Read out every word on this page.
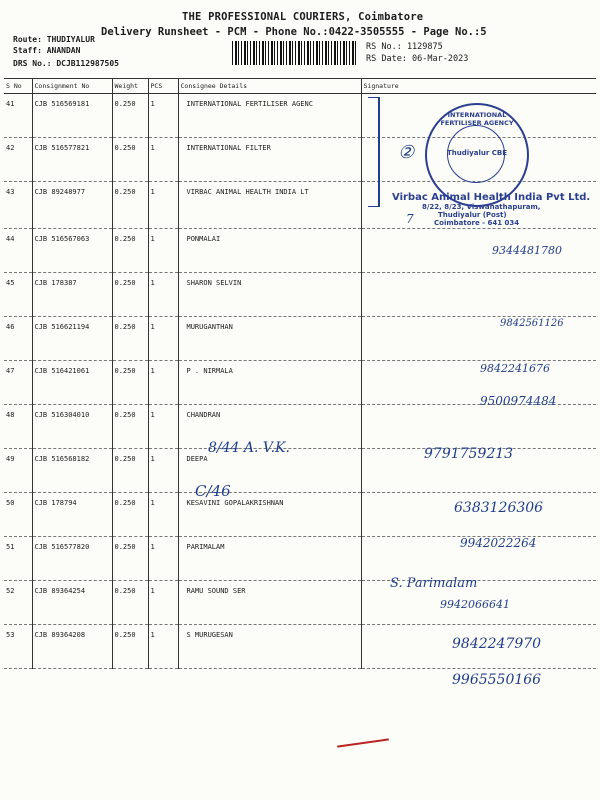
THE PROFESSIONAL COURIERS, Coimbatore
Delivery Runsheet - PCM - Phone No.:0422-3505555 - Page No.:5
Route: THUDIYALUR
Staff: ANANDAN
DRS No.: DCJB112987505
RS No.: 1129875
RS Date: 06-Mar-2023
S No	Consignment No	Weight	PCS	Consignee Details	Signature
41	CJB 516569181	0.250	1	INTERNATIONAL FERTILISER AGENC	
42	CJB 516577821	0.250	1	INTERNATIONAL FILTER	
43	CJB 89248977	0.250	1	VIRBAC ANIMAL HEALTH INDIA LT	
44	CJB 516567063	0.250	1	PONMALAI	
45	CJB 178387	0.250	1	SHARON SELVIN	
46	CJB 516621194	0.250	1	MURUGANTHAN	
47	CJB 516421061	0.250	1	P . NIRMALA	
48	CJB 516304010	0.250	1	CHANDRAN	
49	CJB 516568182	0.250	1	DEEPA	
50	CJB 178794	0.250	1	KESAVINI GOPALAKRISHNAN	
51	CJB 516577820	0.250	1	PARIMALAM	
52	CJB 89364254	0.250	1	RAMU SOUND SER	
53	CJB 89364208	0.250	1	S MURUGESAN	
INTERNATIONAL FERTILISER AGENCY
Thudiyalur CBE
Virbac Animal Health India Pvt Ltd.
8/22, 8/23, Viswanathapuram,
Thudiyalur (Post)
Coimbatore - 641 034
②
7
9344481780
9842561126
9842241676
9500974484
8/44 A. V.K.	9791759213
C/46
6383126306
9942022264
S. Parimalam
9942066641
9842247970
9965550166
